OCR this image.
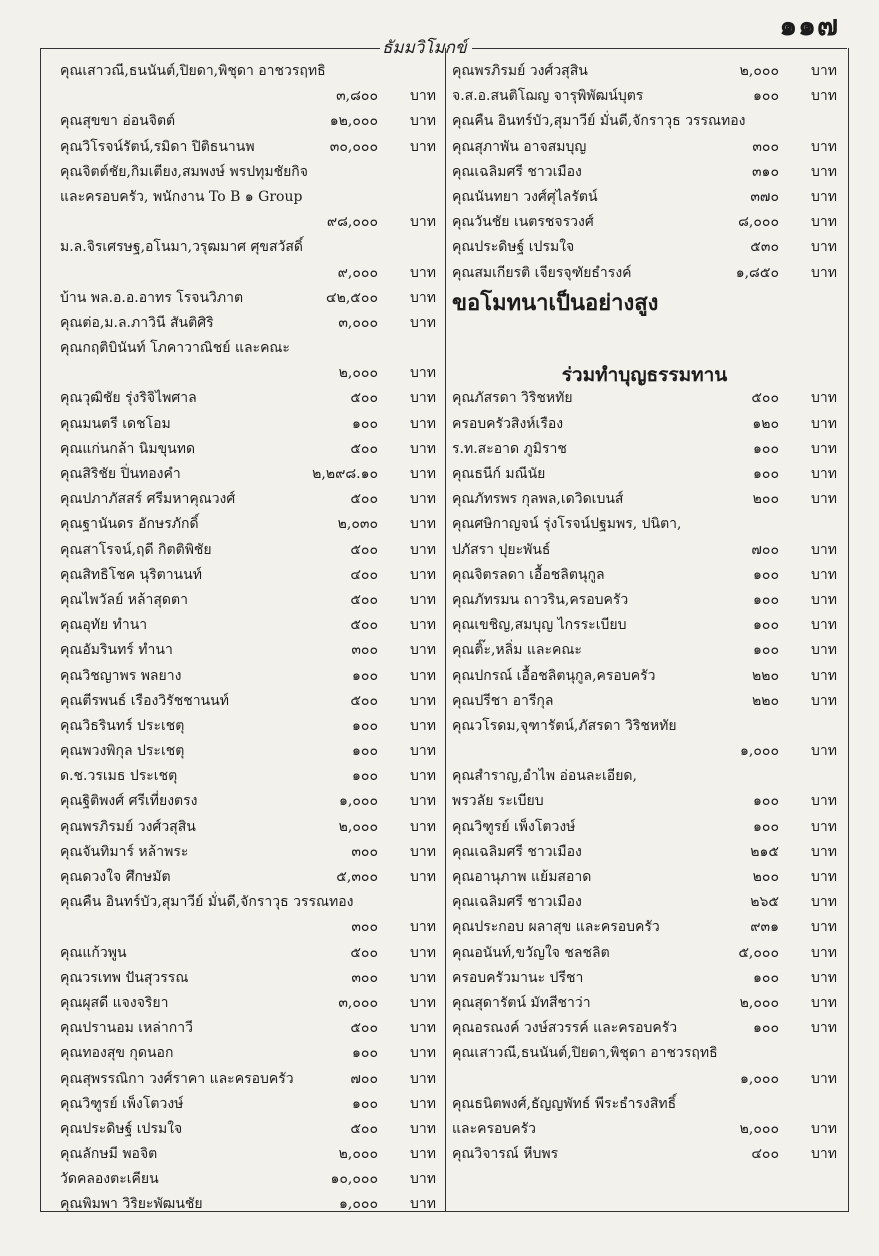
๑๑๗
ธัมมวิโมกข์
คุณเสาวณี,ธนนันต์,ปิยดา,พิชุดา อาชวรฤทธิ
๓,๘๐๐ บาท
คุณสุขขา อ่อนจิตต์	๑๒,๐๐๐ บาท
คุณวิโรจน์รัตน์,รมิดา ปิติธนานพ	๓๐,๐๐๐ บาท
คุณจิตต์ชัย,กิมเตียง,สมพงษ์ พรปทุมชัยกิจ
และครอบครัว, พนักงาน To B ๑ Group
๙๘,๐๐๐ บาท
ม.ล.จิรเศรษฐ,อโนมา,วรุฒมาศ ศุขสวัสดิ์
๙,๐๐๐ บาท
บ้าน พล.อ.อ.อาทร โรจนวิภาต	๔๒,๕๐๐ บาท
คุณต่อ,ม.ล.ภาวินี สันติศิริ	๓,๐๐๐ บาท
คุณกฤติบินันท์ โภคาวาณิชย์ และคณะ
๒,๐๐๐ บาท
คุณวุฒิชัย รุ่งริจิไพศาล	๕๐๐ บาท
คุณมนตรี เดชโอม	๑๐๐ บาท
คุณแก่นกล้า นิมขุนทด	๕๐๐ บาท
คุณสิริชัย ปิ่นทองคำ	๒,๒๙๘.๑๐ บาท
คุณปภาภัสสร์ ศรีมหาคุณวงศ์	๕๐๐ บาท
คุณฐานันดร อักษรภักดิ์	๒,๐๓๐ บาท
คุณสาโรจน์,ฤดี กิตติพิชัย	๕๐๐ บาท
คุณสิทธิโชค นุริตานนท์	๔๐๐ บาท
คุณไพวัลย์ หล้าสุดตา	๕๐๐ บาท
คุณอุทัย ทำนา	๕๐๐ บาท
คุณอัมรินทร์ ทำนา	๓๐๐ บาท
คุณวิชญาพร พลยาง	๑๐๐ บาท
คุณตีรพนธ์ เรืองวิรัชชานนท์	๕๐๐ บาท
คุณวิธรินทร์ ประเชตุ	๑๐๐ บาท
คุณพวงพิกุล ประเชตุ	๑๐๐ บาท
ด.ช.วรเมธ ประเชตุ	๑๐๐ บาท
คุณฐิติพงศ์ ศรีเที่ยงตรง	๑,๐๐๐ บาท
คุณพรภิรมย์ วงศ์วสุสิน	๒,๐๐๐ บาท
คุณจันทิมาร์ หล้าพระ	๓๐๐ บาท
คุณดวงใจ ศึกษมัต	๕,๓๐๐ บาท
คุณคืน อินทร์บัว,สุมาวีย์ มั่นดี,จักราวุธ วรรณทอง
๓๐๐ บาท
คุณแก้วพูน	๕๐๐ บาท
คุณวรเทพ ปันสุวรรณ	๓๐๐ บาท
คุณผุสดี แจงจริยา	๓,๐๐๐ บาท
คุณปรานอม เหล่ากาวี	๕๐๐ บาท
คุณทองสุข กุดนอก	๑๐๐ บาท
คุณสุพรรณิกา วงศ์ราคา และครอบครัว	๗๐๐ บาท
คุณวิฑูรย์ เพ็งโตวงษ์	๑๐๐ บาท
คุณประดิษฐ์ เปรมใจ	๕๐๐ บาท
คุณลักษมี พอจิต	๒,๐๐๐ บาท
วัดคลองตะเคียน	๑๐,๐๐๐ บาท
คุณพิมพา วิริยะพัฒนชัย	๑,๐๐๐ บาท
คุณพรภิรมย์ วงศ์วสุสิน	๒,๐๐๐ บาท
จ.ส.อ.สนติโฌญ จารุพิพัฒน์บุตร	๑๐๐ บาท
คุณคืน อินทร์บัว,สุมาวีย์ มั่นดี,จักราวุธ วรรณทอง
คุณสุภาพัน อาจสมบุญ	๓๐๐ บาท
คุณเฉลิมศรี ชาวเมือง	๓๑๐ บาท
คุณนันทยา วงศ์ศุไลรัตน์	๓๗๐ บาท
คุณวันชัย เนตรชจรวงศ์	๘,๐๐๐ บาท
คุณประดิษฐ์ เปรมใจ	๕๓๐ บาท
คุณสมเกียรติ เจียรจุฑัยธำรงค์	๑,๘๕๐ บาท
ขอโมทนาเป็นอย่างสูง
ร่วมทำบุญธรรมทาน
คุณภัสรดา วิริชหทัย	๕๐๐ บาท
ครอบครัวสิงห์เรือง	๑๒๐ บาท
ร.ท.สะอาด ภูมิราช	๑๐๐ บาท
คุณธนีก์ มณีนัย	๑๐๐ บาท
คุณภัทรพร กุลพล,เดวิดเบนส์	๒๐๐ บาท
คุณศษิกาญจน์ รุ่งโรจน์ปฐมพร, ปนิตา,
ปภัสรา ปุยะพันธ์	๗๐๐ บาท
คุณจิตรลดา เอื้อชลิตนุกูล	๑๐๐ บาท
คุณภัทรมน ถาวริน,ครอบครัว	๑๐๐ บาท
คุณเขชิญ,สมบุญ ไกรระเบียบ	๑๐๐ บาท
คุณติ๊ะ,หลิ่ม และคณะ	๑๐๐ บาท
คุณปกรณ์ เอื้อชลิตนุกูล,ครอบครัว	๒๒๐ บาท
คุณปรีชา อารีกุล	๒๒๐ บาท
คุณวโรดม,จุฑารัตน์,ภัสรดา วิริชหทัย
๑,๐๐๐ บาท
คุณสำราญ,อำไพ อ่อนละเอียด,
พรวลัย ระเบียบ	๑๐๐ บาท
คุณวิฑูรย์ เพ็งโตวงษ์	๑๐๐ บาท
คุณเฉลิมศรี ชาวเมือง	๒๑๕ บาท
คุณอานุภาพ แย้มสอาด	๒๐๐ บาท
คุณเฉลิมศรี ชาวเมือง	๒๖๕ บาท
คุณประกอบ ผลาสุข และครอบครัว	๙๓๑ บาท
คุณอนันท์,ขวัญใจ ชลชลิต	๕,๐๐๐ บาท
ครอบครัวมานะ ปรีชา	๑๐๐ บาท
คุณสุดารัตน์ มัทสีชาว่า	๒,๐๐๐ บาท
คุณอรณงค์ วงษ์สวรรค์ และครอบครัว	๑๐๐ บาท
คุณเสาวณี,ธนนันต์,ปิยดา,พิชุดา อาชวรฤทธิ
๑,๐๐๐ บาท
คุณธนิตพงศ์,ธัญญพัทธ์ พีระธำรงสิทธิ์
และครอบครัว	๒,๐๐๐ บาท
คุณวิจารณ์ หีบพร	๔๐๐ บาท
